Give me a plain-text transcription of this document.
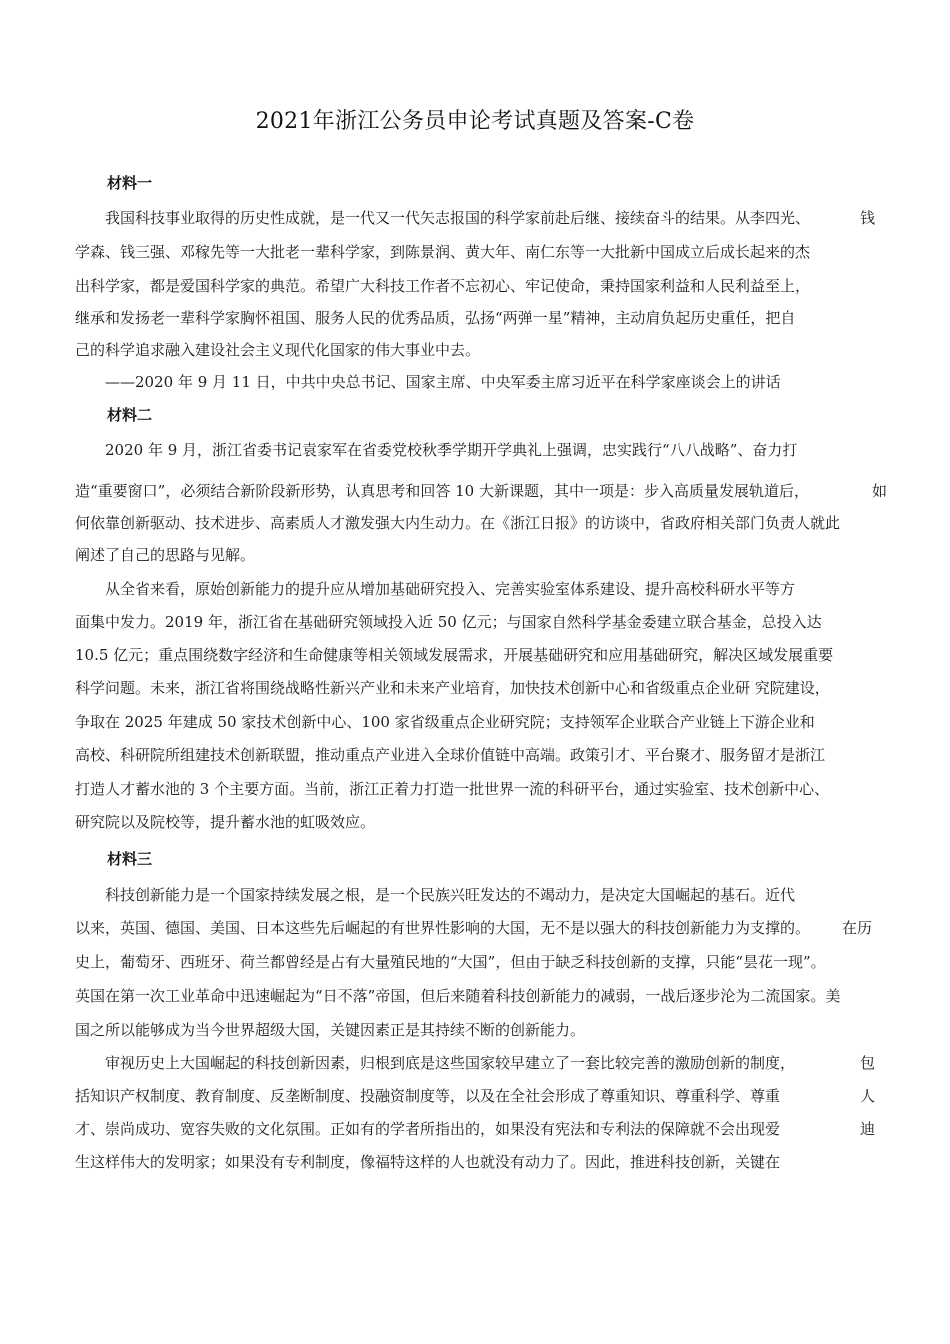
2021年浙江公务员申论考试真题及答案-C卷
材料一
我国科技事业取得的历史性成就，是一代又一代矢志报国的科学家前赴后继、接续奋斗的结果。从李四光、	钱
学森、钱三强、邓稼先等一大批老一辈科学家，到陈景润、黄大年、南仁东等一大批新中国成立后成长起来的杰
出科学家，都是爱国科学家的典范。希望广大科技工作者不忘初心、牢记使命，秉持国家利益和人民利益至上，
继承和发扬老一辈科学家胸怀祖国、服务人民的优秀品质，弘扬“两弹一星”精神，主动肩负起历史重任，把自
己的科学追求融入建设社会主义现代化国家的伟大事业中去。
——2020 年 9 月 11 日，中共中央总书记、国家主席、中央军委主席习近平在科学家座谈会上的讲话
材料二
2020 年 9 月，浙江省委书记袁家军在省委党校秋季学期开学典礼上强调，忠实践行“八八战略”、奋力打
造“重要窗口”，必须结合新阶段新形势，认真思考和回答 10 大新课题，其中一项是：步入高质量发展轨道后，	如
何依靠创新驱动、技术进步、高素质人才激发强大内生动力。在《浙江日报》的访谈中，省政府相关部门负责人就此
阐述了自己的思路与见解。
从全省来看，原始创新能力的提升应从增加基础研究投入、完善实验室体系建设、提升高校科研水平等方
面集中发力。2019 年，浙江省在基础研究领域投入近 50 亿元；与国家自然科学基金委建立联合基金，总投入达
10.5 亿元；重点围绕数字经济和生命健康等相关领域发展需求，开展基础研究和应用基础研究，解决区域发展重要
科学问题。未来，浙江省将围绕战略性新兴产业和未来产业培育，加快技术创新中心和省级重点企业研 究院建设，
争取在 2025 年建成 50 家技术创新中心、100 家省级重点企业研究院；支持领军企业联合产业链上下游企业和
高校、科研院所组建技术创新联盟，推动重点产业进入全球价值链中高端。政策引才、平台聚才、服务留才是浙江
打造人才蓄水池的 3 个主要方面。当前，浙江正着力打造一批世界一流的科研平台，通过实验室、技术创新中心、
研究院以及院校等，提升蓄水池的虹吸效应。
材料三
科技创新能力是一个国家持续发展之根，是一个民族兴旺发达的不竭动力，是决定大国崛起的基石。近代
以来，英国、德国、美国、日本这些先后崛起的有世界性影响的大国，无不是以强大的科技创新能力为支撑的。 在历
史上，葡萄牙、西班牙、荷兰都曾经是占有大量殖民地的“大国”，但由于缺乏科技创新的支撑，只能“昙花一现”。
英国在第一次工业革命中迅速崛起为“日不落”帝国，但后来随着科技创新能力的减弱，一战后逐步沦为二流国家。美
国之所以能够成为当今世界超级大国，关键因素正是其持续不断的创新能力。
审视历史上大国崛起的科技创新因素，归根到底是这些国家较早建立了一套比较完善的激励创新的制度，	包
括知识产权制度、教育制度、反垄断制度、投融资制度等，以及在全社会形成了尊重知识、尊重科学、尊重	人
才、崇尚成功、宽容失败的文化氛围。正如有的学者所指出的，如果没有宪法和专利法的保障就不会出现爱	迪
生这样伟大的发明家；如果没有专利制度，像福特这样的人也就没有动力了。因此，推进科技创新，关键在
